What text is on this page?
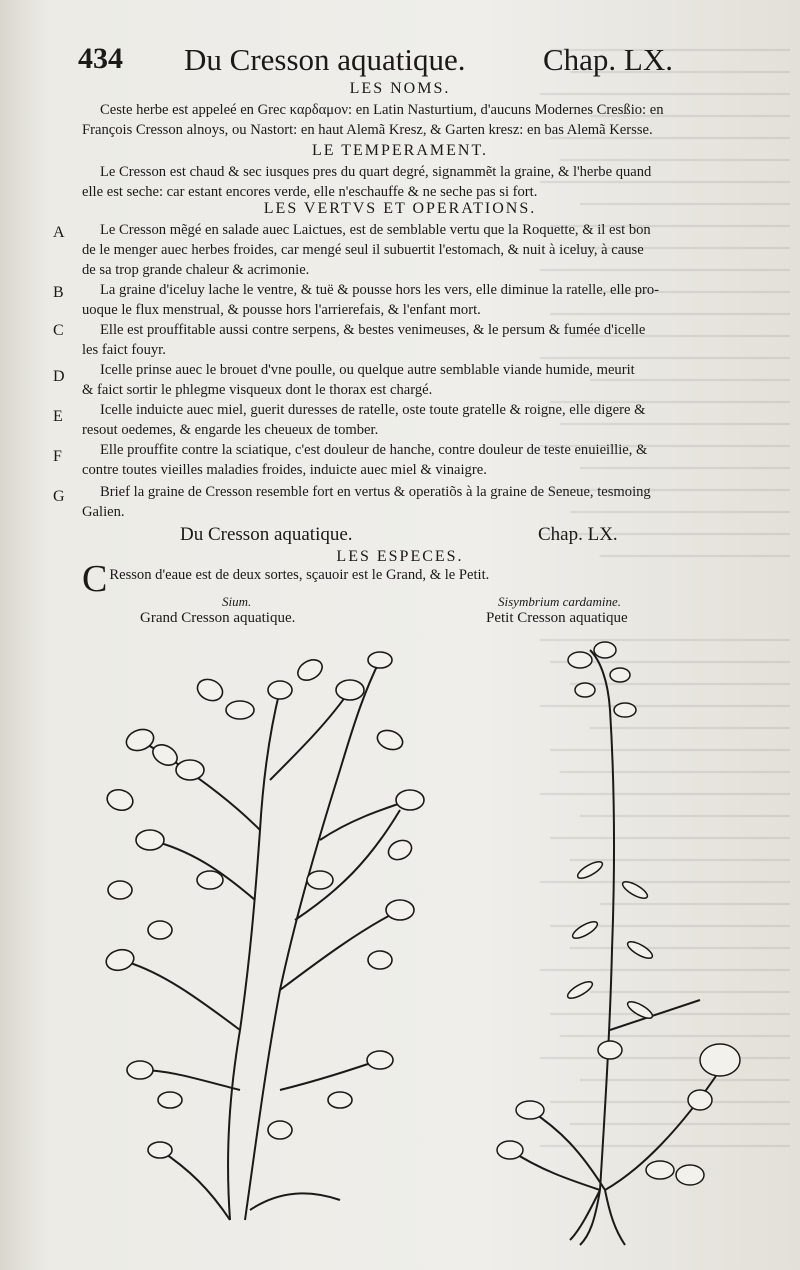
434 Du Cresson aquatique. Chap. LX.
LES NOMS.
Ceste herbe est appeleé en Grec καρδαμον: en Latin Nasturtium, d'aucuns Modernes Cresßio: en
François Cresson alnoys, ou Nastort: en haut Alemã Kresz, & Garten kresz: en bas Alemã Kersse.
LE TEMPERAMENT.
Le Cresson est chaud & sec iusques pres du quart degré, signammẽt la graine, & l'herbe quand
elle est seche: car estant encores verde, elle n'eschauffe & ne seche pas si fort.
LES VERTVS ET OPERATIONS.
A	Le Cresson mẽgé en salade auec Laictues, est de semblable vertu que la Roquette, & il est bon
de le menger auec herbes froides, car mengé seul il subuertit l'estomach, & nuit à iceluy, à cause
de sa trop grande chaleur & acrimonie.
B	La graine d'iceluy lache le ventre, & tuë & pousse hors les vers, elle diminue la ratelle, elle pro-
uoque le flux menstrual, & pousse hors l'arrierefais, & l'enfant mort.
C	Elle est prouffitable aussi contre serpens, & bestes venimeuses, & le persum & fumée d'icelle
les faict fouyr.
D	Icelle prinse auec le brouet d'vne poulle, ou quelque autre semblable viande humide, meurit
& faict sortir le phlegme visqueux dont le thorax est chargé.
E	Icelle induicte auec miel, guerit duresses de ratelle, oste toute gratelle & roigne, elle digere &
resout oedemes, & engarde les cheueux de tomber.
F	Elle prouffite contre la sciatique, c'est douleur de hanche, contre douleur de teste enuieillie, &
contre toutes vieilles maladies froides, induicte auec miel & vinaigre.
G	Brief la graine de Cresson resemble fort en vertus & operatiõs à la graine de Seneue, tesmoing
Galien.
Du Cresson aquatique.	Chap. LX.
LES ESPECES.
C Resson d'eaue est de deux sortes, sçauoir est le Grand, & le Petit.
Sium.
Grand Cresson aquatique.
Sisymbrium cardamine.
Petit Cresson aquatique
